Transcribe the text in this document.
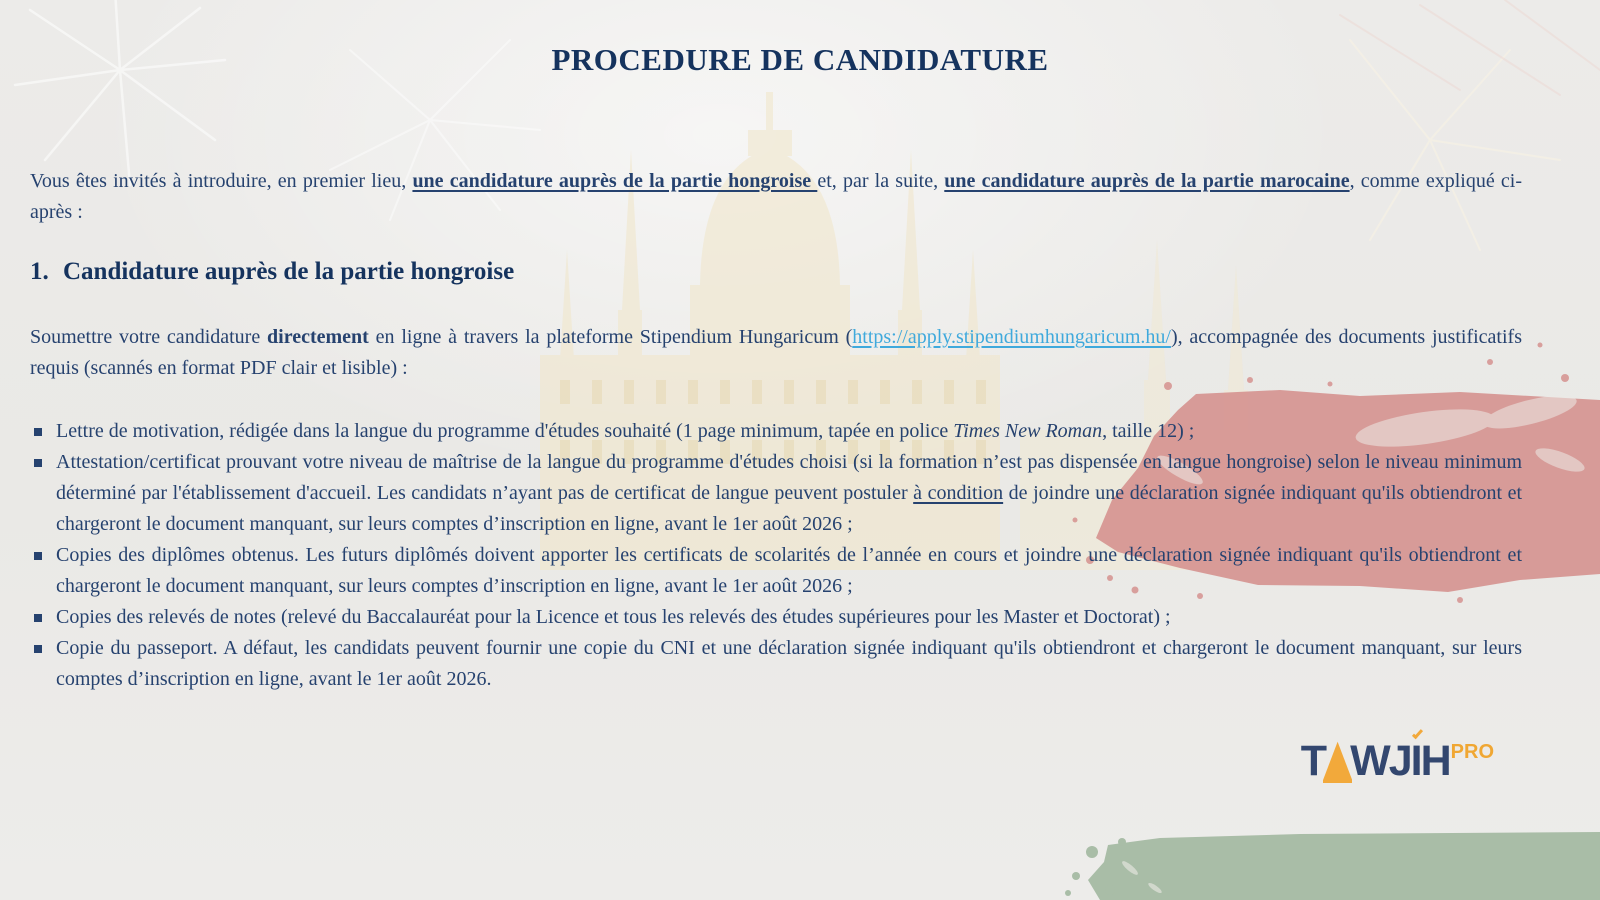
PROCEDURE DE CANDIDATURE

Vous êtes invités à introduire, en premier lieu, une candidature auprès de la partie hongroise et, par la suite, une candidature auprès de la partie marocaine, comme expliqué ci-après :

1. Candidature auprès de la partie hongroise

Soumettre votre candidature directement en ligne à travers la plateforme Stipendium Hungaricum (https://apply.stipendiumhungaricum.hu/), accompagnée des documents justificatifs requis (scannés en format PDF clair et lisible) :

Lettre de motivation, rédigée dans la langue du programme d'études souhaité (1 page minimum, tapée en police Times New Roman, taille 12) ;
Attestation/certificat prouvant votre niveau de maîtrise de la langue du programme d'études choisi (si la formation n’est pas dispensée en langue hongroise) selon le niveau minimum déterminé par l'établissement d'accueil. Les candidats n’ayant pas de certificat de langue peuvent postuler à condition de joindre une déclaration signée indiquant qu'ils obtiendront et chargeront le document manquant, sur leurs comptes d’inscription en ligne, avant le 1er août 2026 ;
Copies des diplômes obtenus. Les futurs diplômés doivent apporter les certificats de scolarités de l’année en cours et joindre une déclaration signée indiquant qu'ils obtiendront et chargeront le document manquant, sur leurs comptes d’inscription en ligne, avant le 1er août 2026 ;
Copies des relevés de notes (relevé du Baccalauréat pour la Licence et tous les relevés des études supérieures pour les Master et Doctorat) ;
Copie du passeport. A défaut, les candidats peuvent fournir une copie du CNI et une déclaration signée indiquant qu'ils obtiendront et chargeront le document manquant, sur leurs comptes d’inscription en ligne, avant le 1er août 2026.
T WJ I H PRO
